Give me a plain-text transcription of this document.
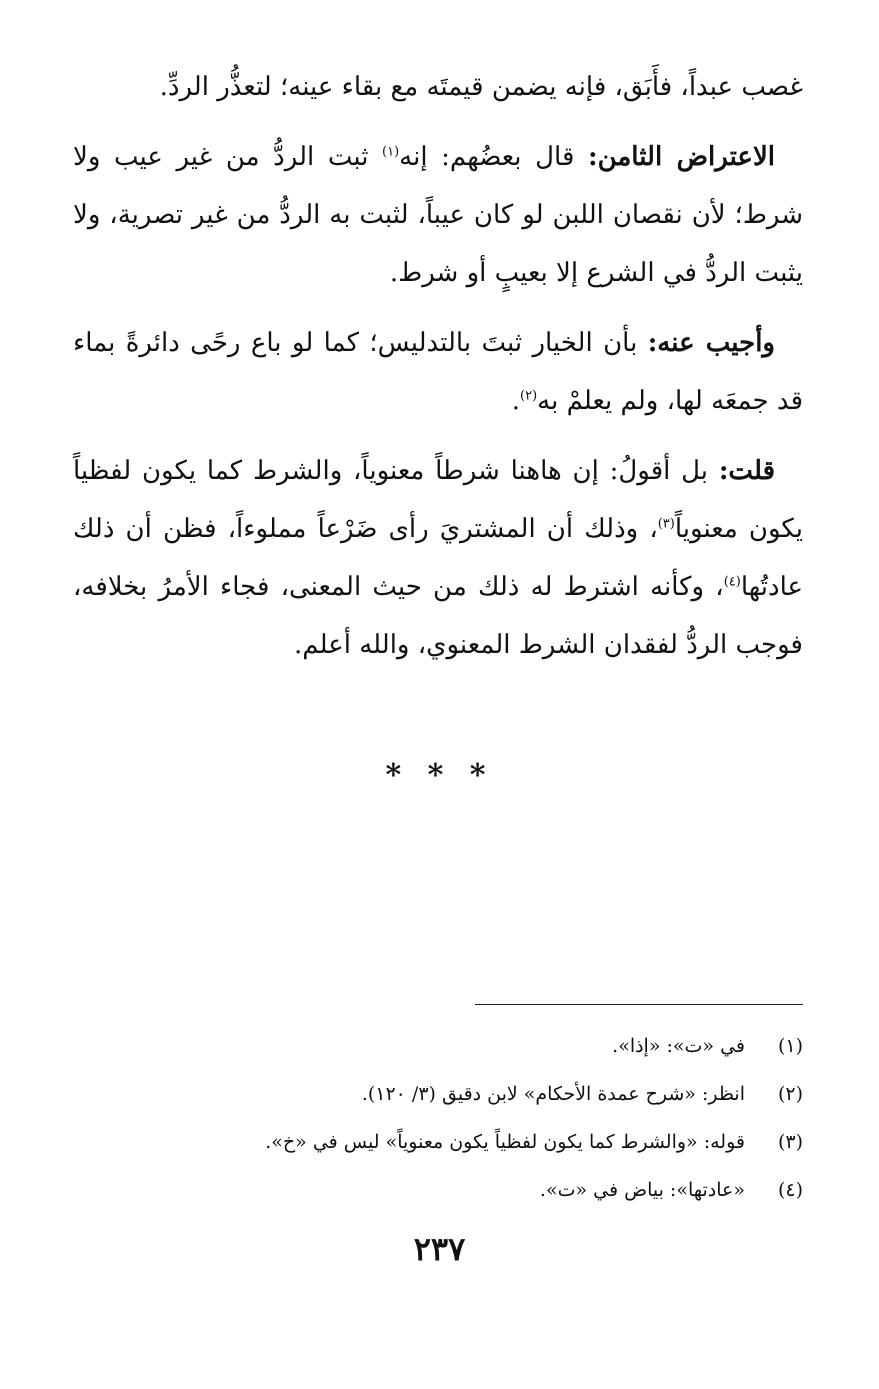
غصب عبداً، فأَبَق، فإنه يضمن قيمتَه مع بقاء عينه؛ لتعذُّر الردِّ.

الاعتراض الثامن: قال بعضُهم: إنه$^{(١)}$ ثبت الردُّ من غير عيب ولا شرط؛ لأن نقصان اللبن لو كان عيباً، لثبت به الردُّ من غير تصرية، ولا يثبت الردُّ في الشرع إلا بعيبٍ أو شرط.

وأجيب عنه: بأن الخيار ثبتَ بالتدليس؛ كما لو باع رحًى دائرةً بماء قد جمعَه لها، ولم يعلمْ به$^{(٢)}$.

قلت: بل أقولُ: إن هاهنا شرطاً معنوياً، والشرط كما يكون لفظياً يكون معنوياً$^{(٣)}$، وذلك أن المشتريَ رأى ضَرْعاً مملوءاً، فظن أن ذلك عادتُها$^{(٤)}$، وكأنه اشترط له ذلك من حيث المعنى، فجاء الأمرُ بخلافه، فوجب الردُّ لفقدان الشرط المعنوي، والله أعلم.

* * *
(١)
في «ت»: «إذا».
(٢)
انظر: «شرح عمدة الأحكام» لابن دقيق (٣/ ١٢٠).
(٣)
قوله: «والشرط كما يكون لفظياً يكون معنوياً» ليس في «خ».
(٤)
«عادتها»: بياض في «ت».
٢٣٧
